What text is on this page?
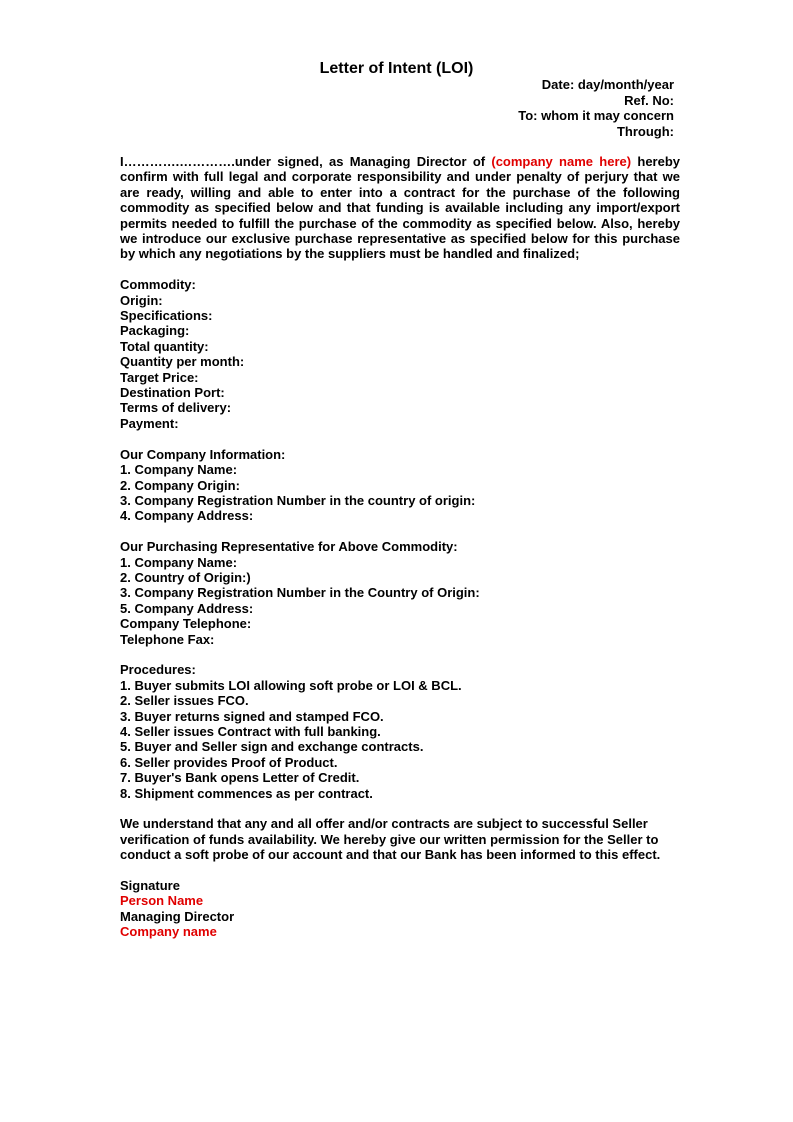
Letter of Intent (LOI)
Date: day/month/year
Ref. No:
To: whom it may concern
Through:

I………….………….under signed, as Managing Director of (company name here) hereby confirm with full legal and corporate responsibility and under penalty of perjury that we are ready, willing and able to enter into a contract for the purchase of the following commodity as specified below and that funding is available including any import/export permits needed to fulfill the purchase of the commodity as specified below. Also, hereby we introduce our exclusive purchase representative as specified below for this purchase by which any negotiations by the suppliers must be handled and finalized;

Commodity:
Origin:
Specifications:
Packaging:
Total quantity:
Quantity per month:
Target Price:
Destination Port:
Terms of delivery:
Payment:
Our Company Information:
1. Company Name:
2. Company Origin:
3. Company Registration Number in the country of origin:
4. Company Address:
Our Purchasing Representative for Above Commodity:
1. Company Name:
2. Country of Origin:)
3. Company Registration Number in the Country of Origin:
5. Company Address:
Company Telephone:
Telephone Fax:
Procedures:
1. Buyer submits LOI allowing soft probe or LOI & BCL.
2. Seller issues FCO.
3. Buyer returns signed and stamped FCO.
4. Seller issues Contract with full banking.
5. Buyer and Seller sign and exchange contracts.
6. Seller provides Proof of Product.
7. Buyer's Bank opens Letter of Credit.
8. Shipment commences as per contract.

We understand that any and all offer and/or contracts are subject to successful Seller verification of funds availability. We hereby give our written permission for the Seller to conduct a soft probe of our account and that our Bank has been informed to this effect.

Signature
Person Name
Managing Director
Company name
